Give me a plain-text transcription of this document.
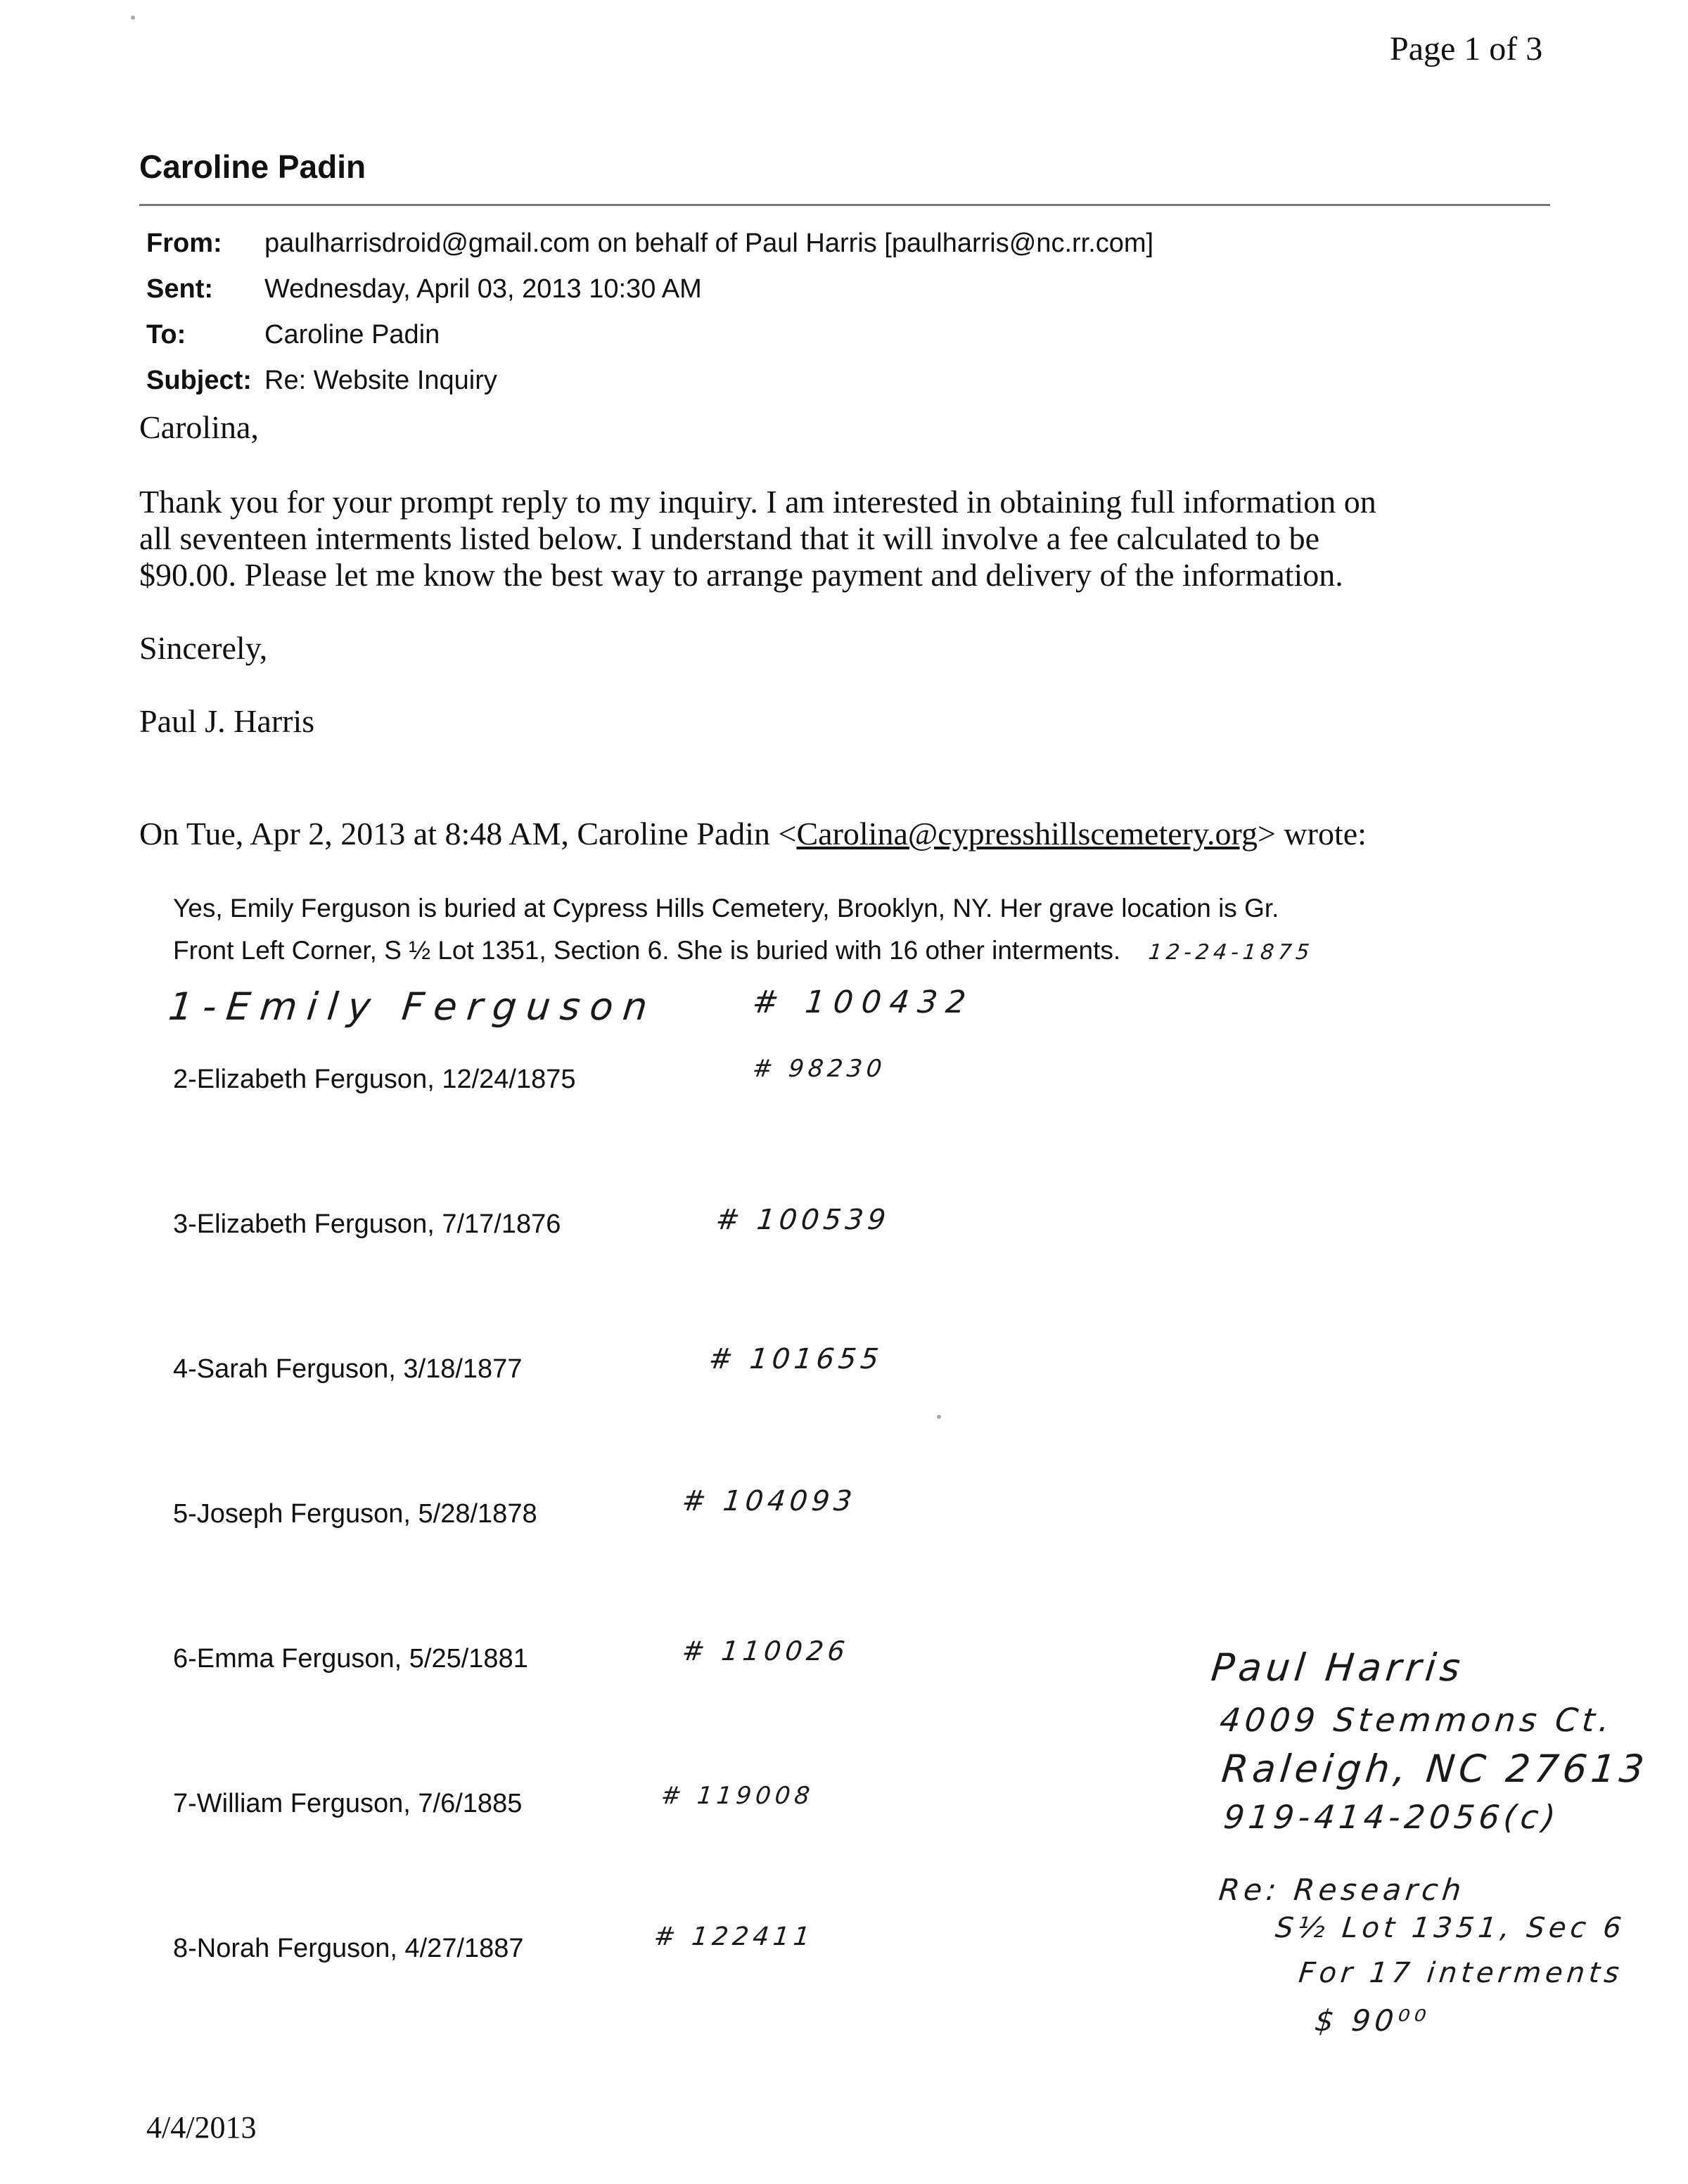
Page 1 of 3
Caroline Padin
From: paulharrisdroid@gmail.com on behalf of Paul Harris [paulharris@nc.rr.com]
Sent: Wednesday, April 03, 2013 10:30 AM
To:	Caroline Padin
Subject: Re: Website Inquiry
Carolina,
Thank you for your prompt reply to my inquiry. I am interested in obtaining full information on
all seventeen interments listed below. I understand that it will involve a fee calculated to be
$90.00. Please let me know the best way to arrange payment and delivery of the information.
Sincerely,
Paul J. Harris
On Tue, Apr 2, 2013 at 8:48 AM, Caroline Padin <Carolina@cypresshillscemetery.org> wrote:
Yes, Emily Ferguson is buried at Cypress Hills Cemetery, Brooklyn, NY. Her grave location is Gr.
Front Left Corner, S ½ Lot 1351, Section 6. She is buried with 16 other interments. 12-24-1875
1-Emily Ferguson	# 100432
2-Elizabeth Ferguson, 12/24/1875	# 98230
3-Elizabeth Ferguson, 7/17/1876	# 100539
4-Sarah Ferguson, 3/18/1877	# 101655
5-Joseph Ferguson, 5/28/1878	# 104093
6-Emma Ferguson, 5/25/1881	# 110026
7-William Ferguson, 7/6/1885	# 119008
8-Norah Ferguson, 4/27/1887	# 122411
Paul Harris
4009 Stemmons Ct.
Raleigh, NC 27613
919-414-2056(c)
Re: Research
S½ Lot 1351, Sec 6
For 17 interments
$ 90⁰⁰
4/4/2013
